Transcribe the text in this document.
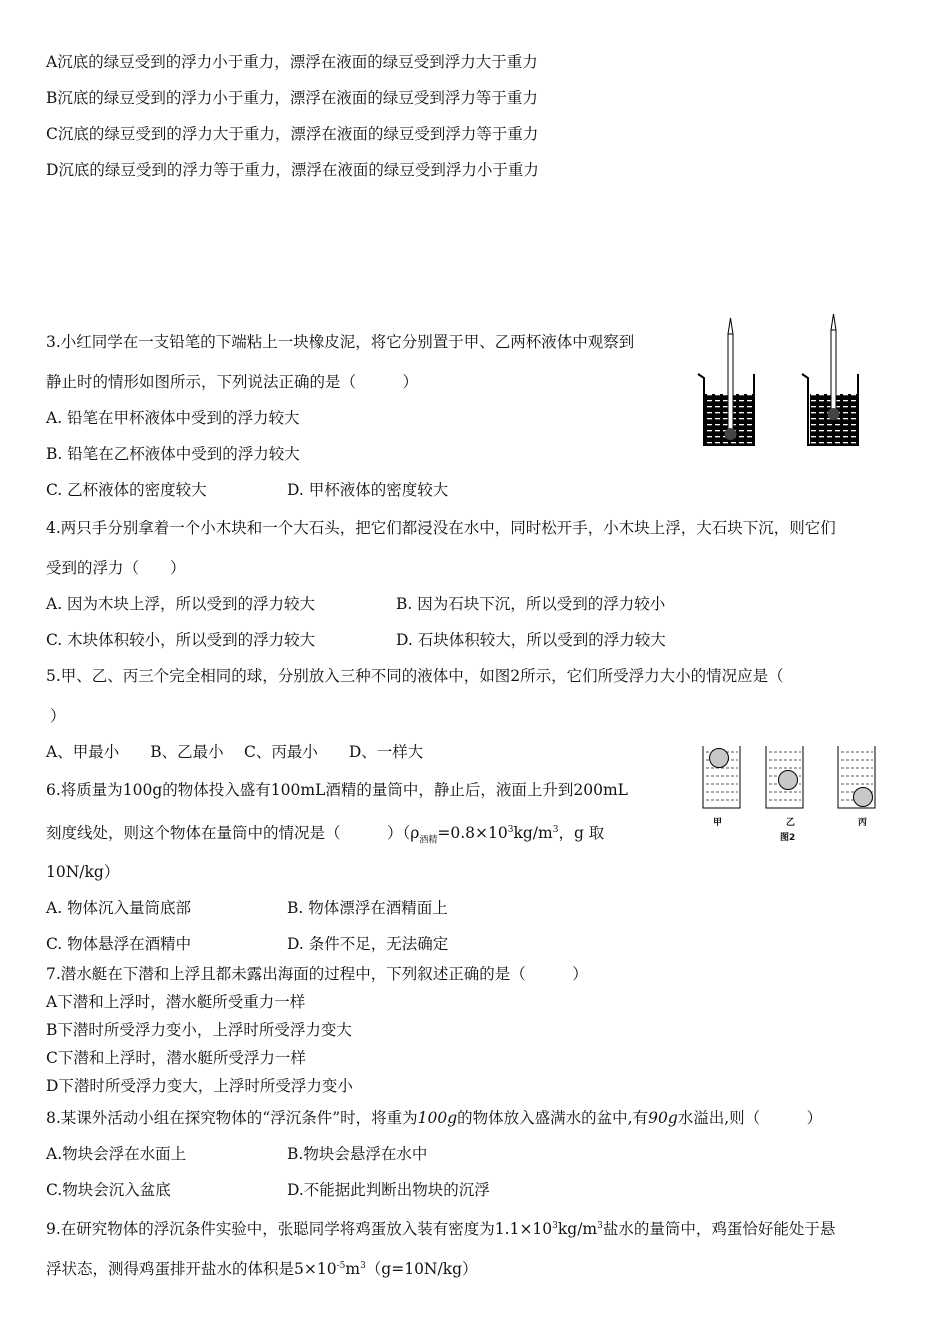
A沉底的绿豆受到的浮力小于重力，漂浮在液面的绿豆受到浮力大于重力
B沉底的绿豆受到的浮力小于重力，漂浮在液面的绿豆受到浮力等于重力
C沉底的绿豆受到的浮力大于重力，漂浮在液面的绿豆受到浮力等于重力
D沉底的绿豆受到的浮力等于重力，漂浮在液面的绿豆受到浮力小于重力
3.小红同学在一支铅笔的下端粘上一块橡皮泥，将它分别置于甲、乙两杯液体中观察到
静止时的情形如图所示，下列说法正确的是（　　　）
A. 铅笔在甲杯液体中受到的浮力较大
B. 铅笔在乙杯液体中受到的浮力较大
C. 乙杯液体的密度较大	D. 甲杯液体的密度较大
4.两只手分别拿着一个小木块和一个大石头，把它们都浸没在水中，同时松开手，小木块上浮，大石块下沉，则它们
受到的浮力（　　）
A. 因为木块上浮，所以受到的浮力较大	B. 因为石块下沉，所以受到的浮力较小
C. 木块体积较小，所以受到的浮力较大	D. 石块体积较大，所以受到的浮力较大
5.甲、乙、丙三个完全相同的球，分别放入三种不同的液体中，如图2所示，它们所受浮力大小的情况应是（
）
A、甲最小　　B、乙最小　 C、丙最小　　D、一样大
甲	乙	丙
图2
6.将质量为100g的物体投入盛有100mL酒精的量筒中，静止后，液面上升到200mL
刻度线处，则这个物体在量筒中的情况是（　　　）（$\rho_{酒精}=0.8\times 10^3kg/m^3$，g 取
10N/kg）
A. 物体沉入量筒底部	B. 物体漂浮在酒精面上
C. 物体悬浮在酒精中	D. 条件不足，无法确定
7.潜水艇在下潜和上浮且都未露出海面的过程中，下列叙述正确的是（　　　）
A下潜和上浮时，潜水艇所受重力一样
B下潜时所受浮力变小，上浮时所受浮力变大
C下潜和上浮时，潜水艇所受浮力一样
D下潜时所受浮力变大，上浮时所受浮力变小
8.某课外活动小组在探究物体的“浮沉条件”时，将重为100g的物体放入盛满水的盆中,有90g水溢出,则（　　　）
A.物块会浮在水面上	B.物块会悬浮在水中
C.物块会沉入盆底	D.不能据此判断出物块的沉浮
9.在研究物体的浮沉条件实验中，张聪同学将鸡蛋放入装有密度为$1.1\times 10^3kg/m^3$盐水的量筒中，鸡蛋恰好能处于悬
浮状态，测得鸡蛋排开盐水的体积是$5\times 10^{-5}m^3(g=10N/kg)$
